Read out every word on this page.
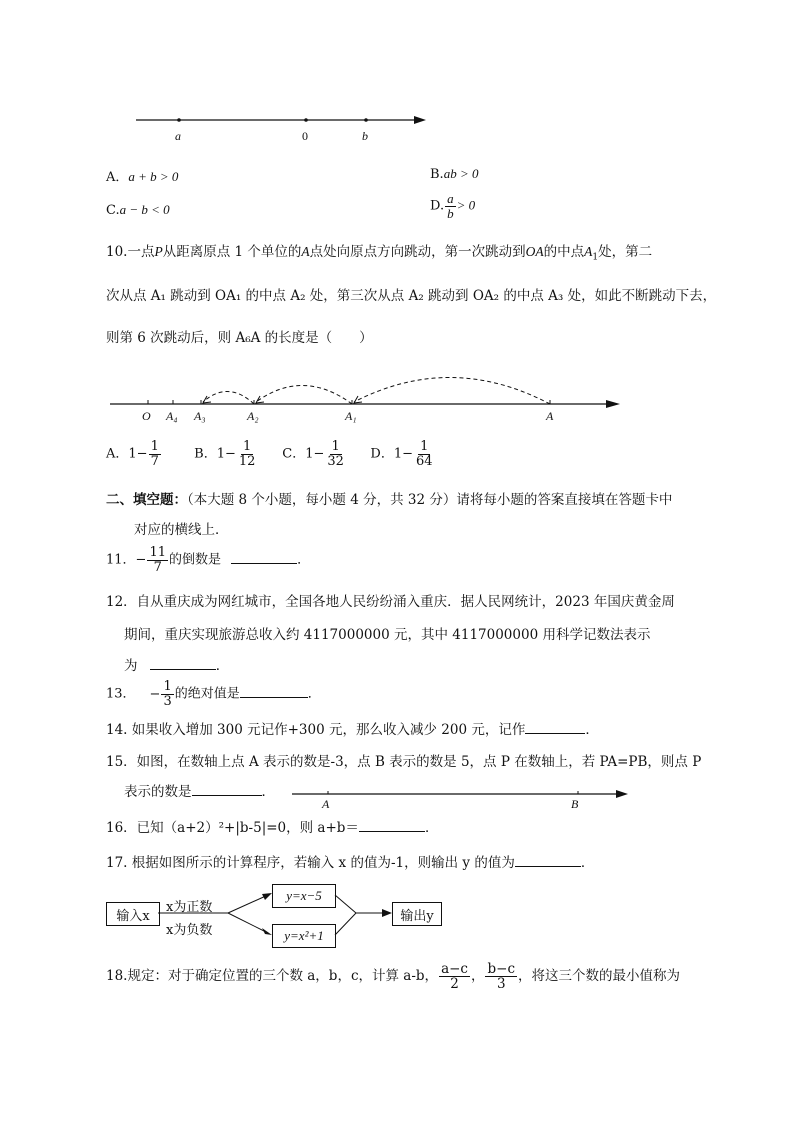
a	0	b
A．a + b > 0	B.ab > 0
C.a − b < 0	D. $\frac{a}{b} > 0$
10.一点P从距离原点 1 个单位的A点处向原点方向跳动，第一次跳动到OA的中点$A_1$处，第二
次从点 A₁ 跳动到 OA₁ 的中点 A₂ 处，第三次从点 A₂ 跳动到 OA₂ 的中点 A₃ 处，如此不断跳动下去，
则第 6 次跳动后，则 A₆A 的长度是（　　）
O A₄ A₃	A₂	A₁	A
A．$1- \frac{1}{7}$	B．$1- \frac{1}{12}$ C．$1- \frac{1}{32}$ D．$1- \frac{1}{64}$
二、填空题：（本大题 8 个小题，每小题 4 分，共 32 分）请将每小题的答案直接填在答题卡中
对应的横线上．
11．− $\frac{11}{7}$ 的倒数是	．
12．自从重庆成为网红城市，全国各地人民纷纷涌入重庆．据人民网统计，2023 年国庆黄金周
期间，重庆实现旅游总收入约 4117000000 元，其中 4117000000 用科学记数法表示
为	．
13． − $\frac{1}{3}$ 的绝对值是	．
14. 如果收入增加 300 元记作+300 元，那么收入减少 200 元，记作	．
15．如图，在数轴上点 A 表示的数是-3，点 B 表示的数是 5，点 P 在数轴上，若 PA=PB，则点 P
表示的数是	．
A	B
16．已知（a+2）²+|b-5|=0，则 a+b＝	．
17. 根据如图所示的计算程序，若输入 x 的值为-1，则输出 y 的值为	．
输入x
x为正数
x为负数
y=x−5
y=x²+1
输出y
18.规定：对于确定位置的三个数 a，b，c，计算 a-b， $\frac{a-c}{2}$ ， $\frac{b-c}{3}$ ，将这三个数的最小值称为
